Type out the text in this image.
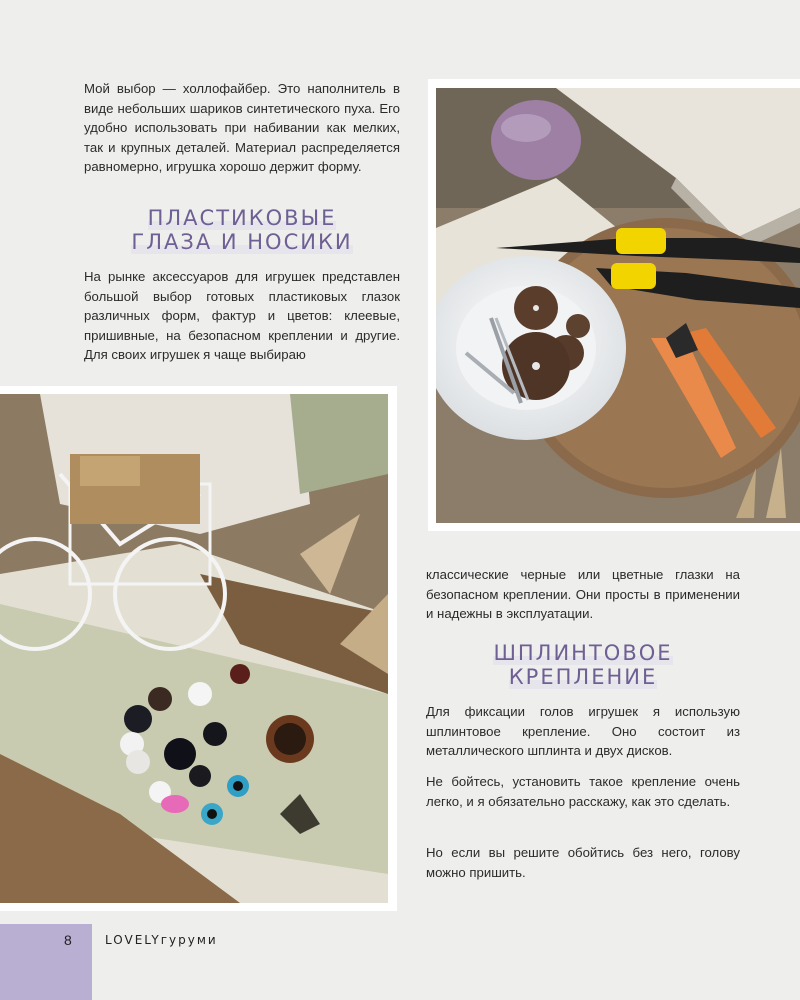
Мой выбор — холлофайбер. Это наполнитель в виде небольших шариков синтетического пуха. Его удобно использовать при набивании как мелких, так и крупных деталей. Материал распределяется равномерно, игрушка хорошо держит форму.

ПЛАСТИКОВЫЕ
ГЛАЗА И НОСИКИ

На рынке аксессуаров для игрушек представлен большой выбор готовых пластиковых глазок различных форм, фактур и цветов: клеевые, пришивные, на безопасном креплении и другие. Для своих игрушек я чаще выбираю

классические черные или цветные глазки на безопасном креплении. Они просты в применении и надежны в эксплуатации.

ШПЛИНТОВОЕ
КРЕПЛЕНИЕ

Для фиксации голов игрушек я использую шплинтовое крепление. Оно состоит из металлического шплинта и двух дисков.

Не бойтесь, установить такое крепление очень легко, и я обязательно расскажу, как это сделать.

Но если вы решите обойтись без него, голову можно пришить.

8	LOVELYгуруми
